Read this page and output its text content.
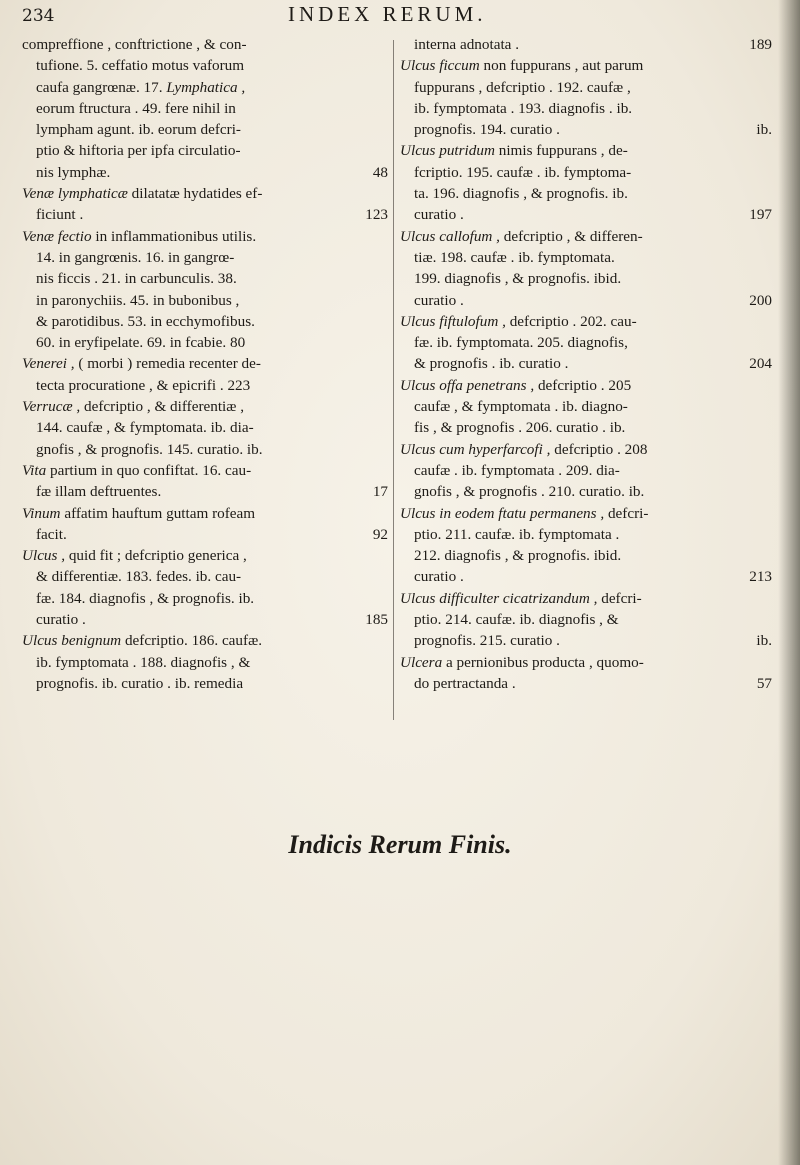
234	INDEX RERUM.
compreffione , conftrictione , & con-
tufione. 5. ceffatio motus vaforum
caufa gangrœnæ. 17. Lymphatica ,
eorum ftructura . 49. fere nihil in
lympham agunt. ib. eorum defcri-
ptio & hiftoria per ipfa circulatio-
nis lymphæ.	48
Venæ lymphaticæ dilatatæ hydatides ef-
ficiunt .	123
Venæ fectio in inflammationibus utilis.
14. in gangrœnis. 16. in gangrœ-
nis ficcis . 21. in carbunculis. 38.
in paronychiis. 45. in bubonibus ,
& parotidibus. 53. in ecchymofibus.
60. in eryfipelate. 69. in fcabie. 80
Venerei , ( morbi ) remedia recenter de-
tecta procuratione , & epicrifi . 223
Verrucæ , defcriptio , & differentiæ ,
144. caufæ , & fymptomata. ib. dia-
gnofis , & prognofis. 145. curatio. ib.
Vita partium in quo confiftat. 16. cau-
fæ illam deftruentes.	17
Vinum affatim hauftum guttam rofeam
facit.	92
Ulcus , quid fit ; defcriptio generica ,
& differentiæ. 183. fedes. ib. cau-
fæ. 184. diagnofis , & prognofis. ib.
curatio .	185
Ulcus benignum defcriptio. 186. caufæ.
ib. fymptomata . 188. diagnofis , &
prognofis. ib. curatio . ib. remedia
interna adnotata .	189
Ulcus ficcum non fuppurans , aut parum
fuppurans , defcriptio . 192. caufæ ,
ib. fymptomata . 193. diagnofis . ib.
prognofis. 194. curatio .	ib.
Ulcus putridum nimis fuppurans , de-
fcriptio. 195. caufæ . ib. fymptoma-
ta. 196. diagnofis , & prognofis. ib.
curatio .	197
Ulcus callofum , defcriptio , & differen-
tiæ. 198. caufæ . ib. fymptomata.
199. diagnofis , & prognofis. ibid.
curatio .	200
Ulcus fiftulofum , defcriptio . 202. cau-
fæ. ib. fymptomata. 205. diagnofis,
& prognofis . ib. curatio .	204
Ulcus offa penetrans , defcriptio . 205
caufæ , & fymptomata . ib. diagno-
fis , & prognofis . 206. curatio . ib.
Ulcus cum hyperfarcofi , defcriptio . 208
caufæ . ib. fymptomata . 209. dia-
gnofis , & prognofis . 210. curatio. ib.
Ulcus in eodem ftatu permanens , defcri-
ptio. 211. caufæ. ib. fymptomata .
212. diagnofis , & prognofis. ibid.
curatio .	213
Ulcus difficulter cicatrizandum , defcri-
ptio. 214. caufæ. ib. diagnofis , &
prognofis. 215. curatio .	ib.
Ulcera a pernionibus producta , quomo-
do pertractanda .	57
Indicis Rerum Finis.
